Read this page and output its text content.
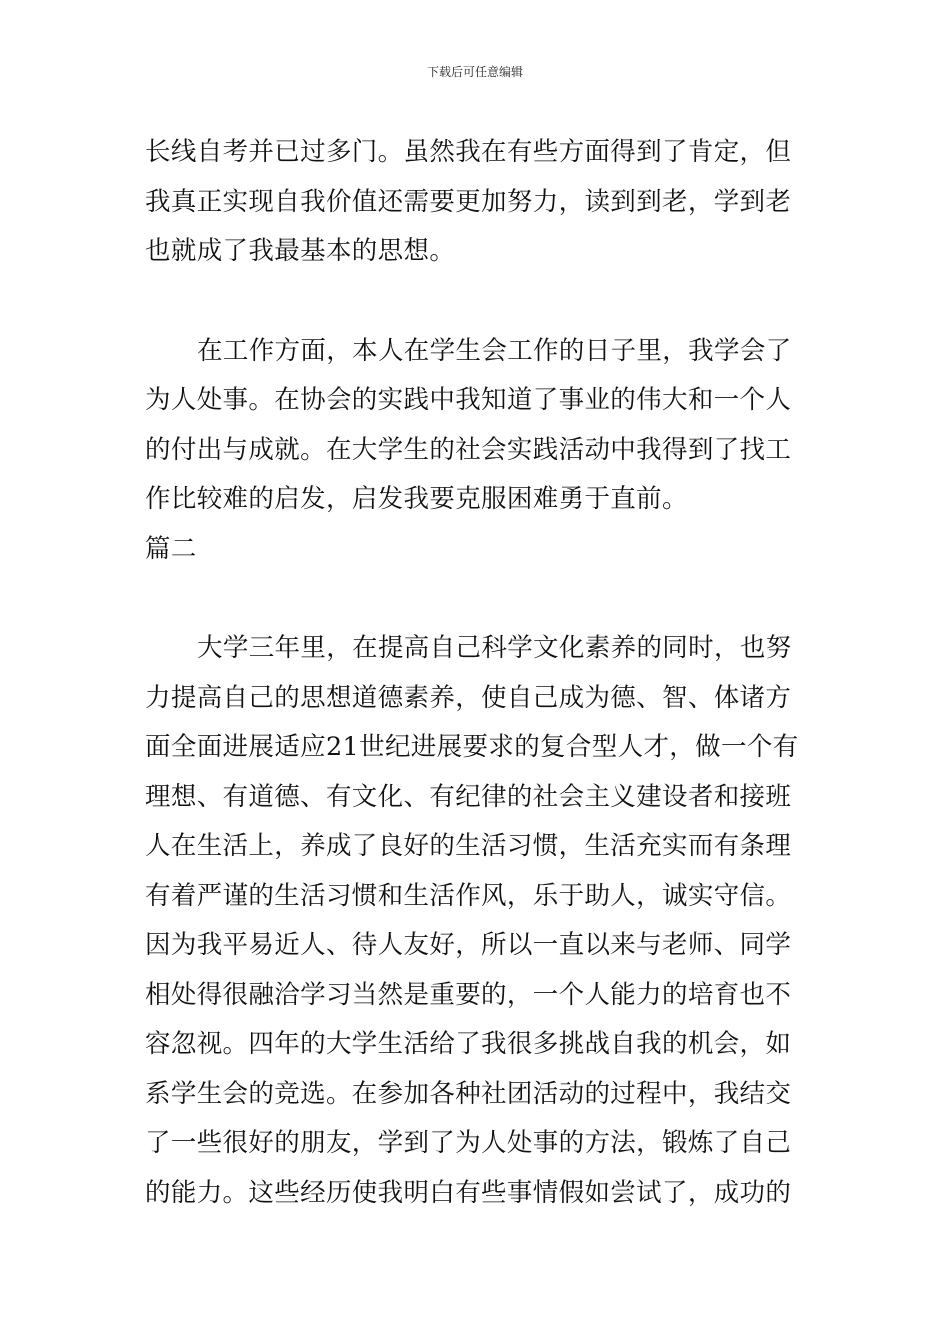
下载后可任意编辑
长线自考并已过多门。虽然我在有些方面得到了肯定，但
我真正实现自我价值还需要更加努力，读到到老，学到老
也就成了我最基本的思想。
在工作方面，本人在学生会工作的日子里，我学会了
为人处事。在协会的实践中我知道了事业的伟大和一个人
的付出与成就。在大学生的社会实践活动中我得到了找工
作比较难的启发，启发我要克服困难勇于直前。
篇二
大学三年里，在提高自己科学文化素养的同时，也努
力提高自己的思想道德素养，使自己成为德、智、体诸方
面全面进展适应21世纪进展要求的复合型人才，做一个有
理想、有道德、有文化、有纪律的社会主义建设者和接班
人在生活上，养成了良好的生活习惯，生活充实而有条理
有着严谨的生活习惯和生活作风，乐于助人，诚实守信。
因为我平易近人、待人友好，所以一直以来与老师、同学
相处得很融洽学习当然是重要的，一个人能力的培育也不
容忽视。四年的大学生活给了我很多挑战自我的机会，如
系学生会的竞选。在参加各种社团活动的过程中，我结交
了一些很好的朋友，学到了为人处事的方法，锻炼了自己
的能力。这些经历使我明白有些事情假如尝试了，成功的
